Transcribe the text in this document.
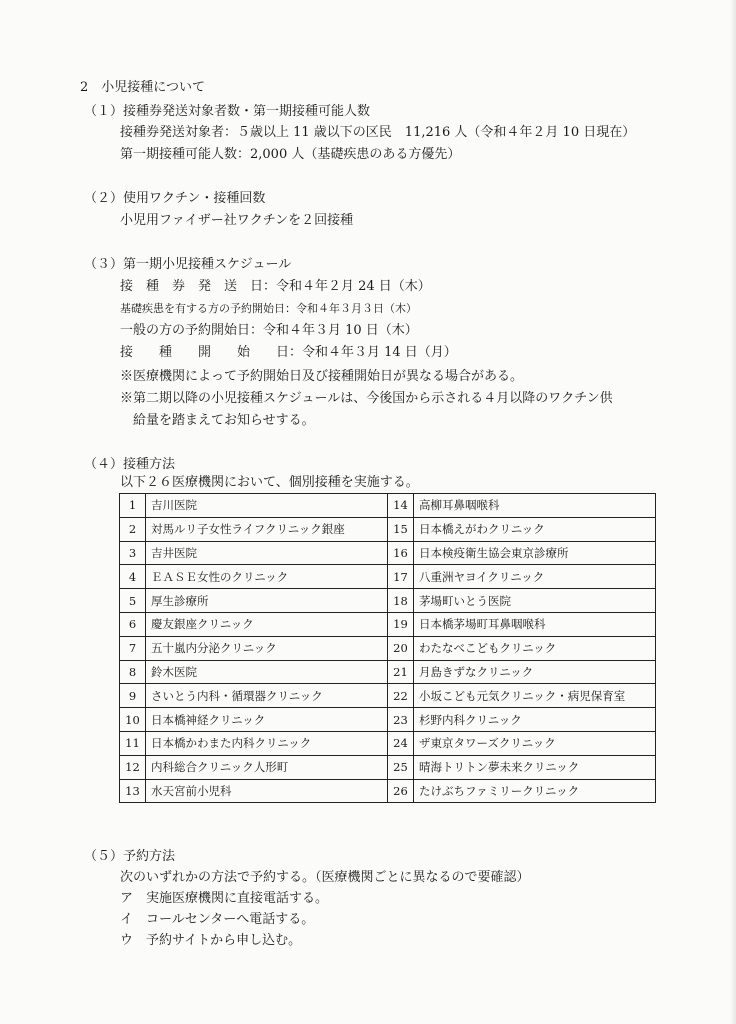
2　小児接種について
（１）接種券発送対象者数・第一期接種可能人数
接種券発送対象者：５歳以上 11 歳以下の区民　11,216 人（令和４年２月 10 日現在）
第一期接種可能人数：2,000 人（基礎疾患のある方優先）
（２）使用ワクチン・接種回数
小児用ファイザー社ワクチンを２回接種
（３）第一期小児接種スケジュール
接　種　券　発　送　日：令和４年２月 24 日（木）
基礎疾患を有する方の予約開始日：令和４年３月３日（木）
一般の方の予約開始日：令和４年３月 10 日（木）
接　　種　　開　　始　　日：令和４年３月 14 日（月）
※医療機関によって予約開始日及び接種開始日が異なる場合がある。
※第二期以降の小児接種スケジュールは、今後国から示される４月以降のワクチン供
給量を踏まえてお知らせする。
（４）接種方法
以下２６医療機関において、個別接種を実施する。
1	吉川医院	14	高柳耳鼻咽喉科
2	対馬ルリ子女性ライフクリニック銀座	15	日本橋えがわクリニック
3	吉井医院	16	日本検疫衛生協会東京診療所
4	ＥＡＳＥ女性のクリニック	17	八重洲ヤヨイクリニック
5	厚生診療所	18	茅場町いとう医院
6	慶友銀座クリニック	19	日本橋茅場町耳鼻咽喉科
7	五十嵐内分泌クリニック	20	わたなべこどもクリニック
8	鈴木医院	21	月島きずなクリニック
9	さいとう内科・循環器クリニック	22	小坂こども元気クリニック・病児保育室
10	日本橋神経クリニック	23	杉野内科クリニック
11	日本橋かわまた内科クリニック	24	ザ東京タワーズクリニック
12	内科総合クリニック人形町	25	晴海トリトン夢未来クリニック
13	水天宮前小児科	26	たけぶちファミリークリニック
（５）予約方法
次のいずれかの方法で予約する。（医療機関ごとに異なるので要確認）
ア　実施医療機関に直接電話する。
イ　コールセンターへ電話する。
ウ　予約サイトから申し込む。
